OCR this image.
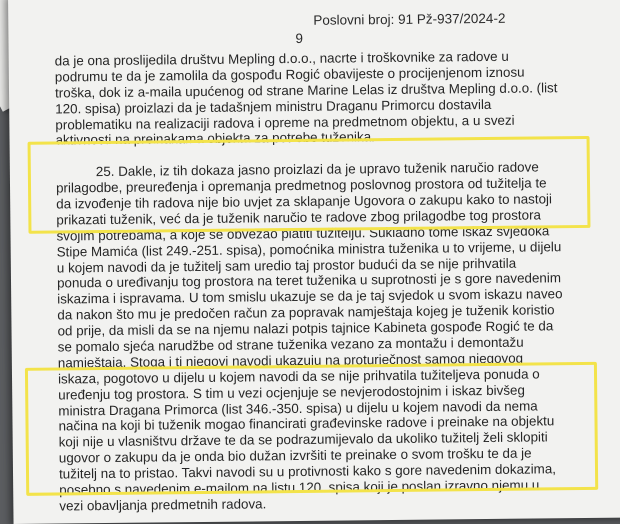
Poslovni broj: 91 Pž-937/2024-2
9
da je ona proslijedila društvu Mepling d.o.o., nacrte i troškovnike za radove u
podrumu te da je zamolila da gospođu Rogić obavijeste o procijenjenom iznosu
troška, dok iz a-maila upućenog od strane Marine Lelas iz društva Mepling d.o.o. (list
120. spisa) proizlazi da je tadašnjem ministru Draganu Primorcu dostavila
problematiku na realizaciji radova i opreme na predmetnom objektu, a u svezi
aktivnosti na preinakama objekta za potrebe tuženika.
25. Dakle, iz tih dokaza jasno proizlazi da je upravo tuženik naručio radove
prilagodbe, preuređenja i opremanja predmetnog poslovnog prostora od tužitelja te
da izvođenje tih radova nije bio uvjet za sklapanje Ugovora o zakupu kako to nastoji
prikazati tuženik, već da je tuženik naručio te radove zbog prilagodbe tog prostora
svojim potrebama, a koje se obvezao platiti tužitelju. Sukladno tome iskaz svjedoka
Stipe Mamića (list 249.-251. spisa), pomoćnika ministra tuženika u to vrijeme, u dijelu
u kojem navodi da je tužitelj sam uredio taj prostor budući da se nije prihvatila
ponuda o uređivanju tog prostora na teret tuženika u suprotnosti je s gore navedenim
iskazima i ispravama. U tom smislu ukazuje se da je taj svjedok u svom iskazu naveo
da nakon što mu je predočen račun za popravak namještaja kojeg je tuženik koristio
od prije, da misli da se na njemu nalazi potpis tajnice Kabineta gospođe Rogić te da
se pomalo sjeća narudžbe od strane tuženika vezano za montažu i demontažu
namještaja. Stoga i ti njegovi navodi ukazuju na proturječnost samog njegovog
iskaza, pogotovo u dijelu u kojem navodi da se nije prihvatila tužiteljeva ponuda o
uređenju tog prostora. S tim u vezi ocjenjuje se nevjerodostojnim i iskaz bivšeg
ministra Dragana Primorca (list 346.-350. spisa) u dijelu u kojem navodi da nema
načina na koji bi tuženik mogao financirati građevinske radove i preinake na objektu
koji nije u vlasništvu države te da se podrazumijevalo da ukoliko tužitelj želi sklopiti
ugovor o zakupu da je onda bio dužan izvršiti te preinake o svom trošku te da je
tužitelj na to pristao. Takvi navodi su u protivnosti kako s gore navedenim dokazima,
posebno s navedenim e-mailom na listu 120. spisa koji je poslan izravno njemu u
vezi obavljanja predmetnih radova.
